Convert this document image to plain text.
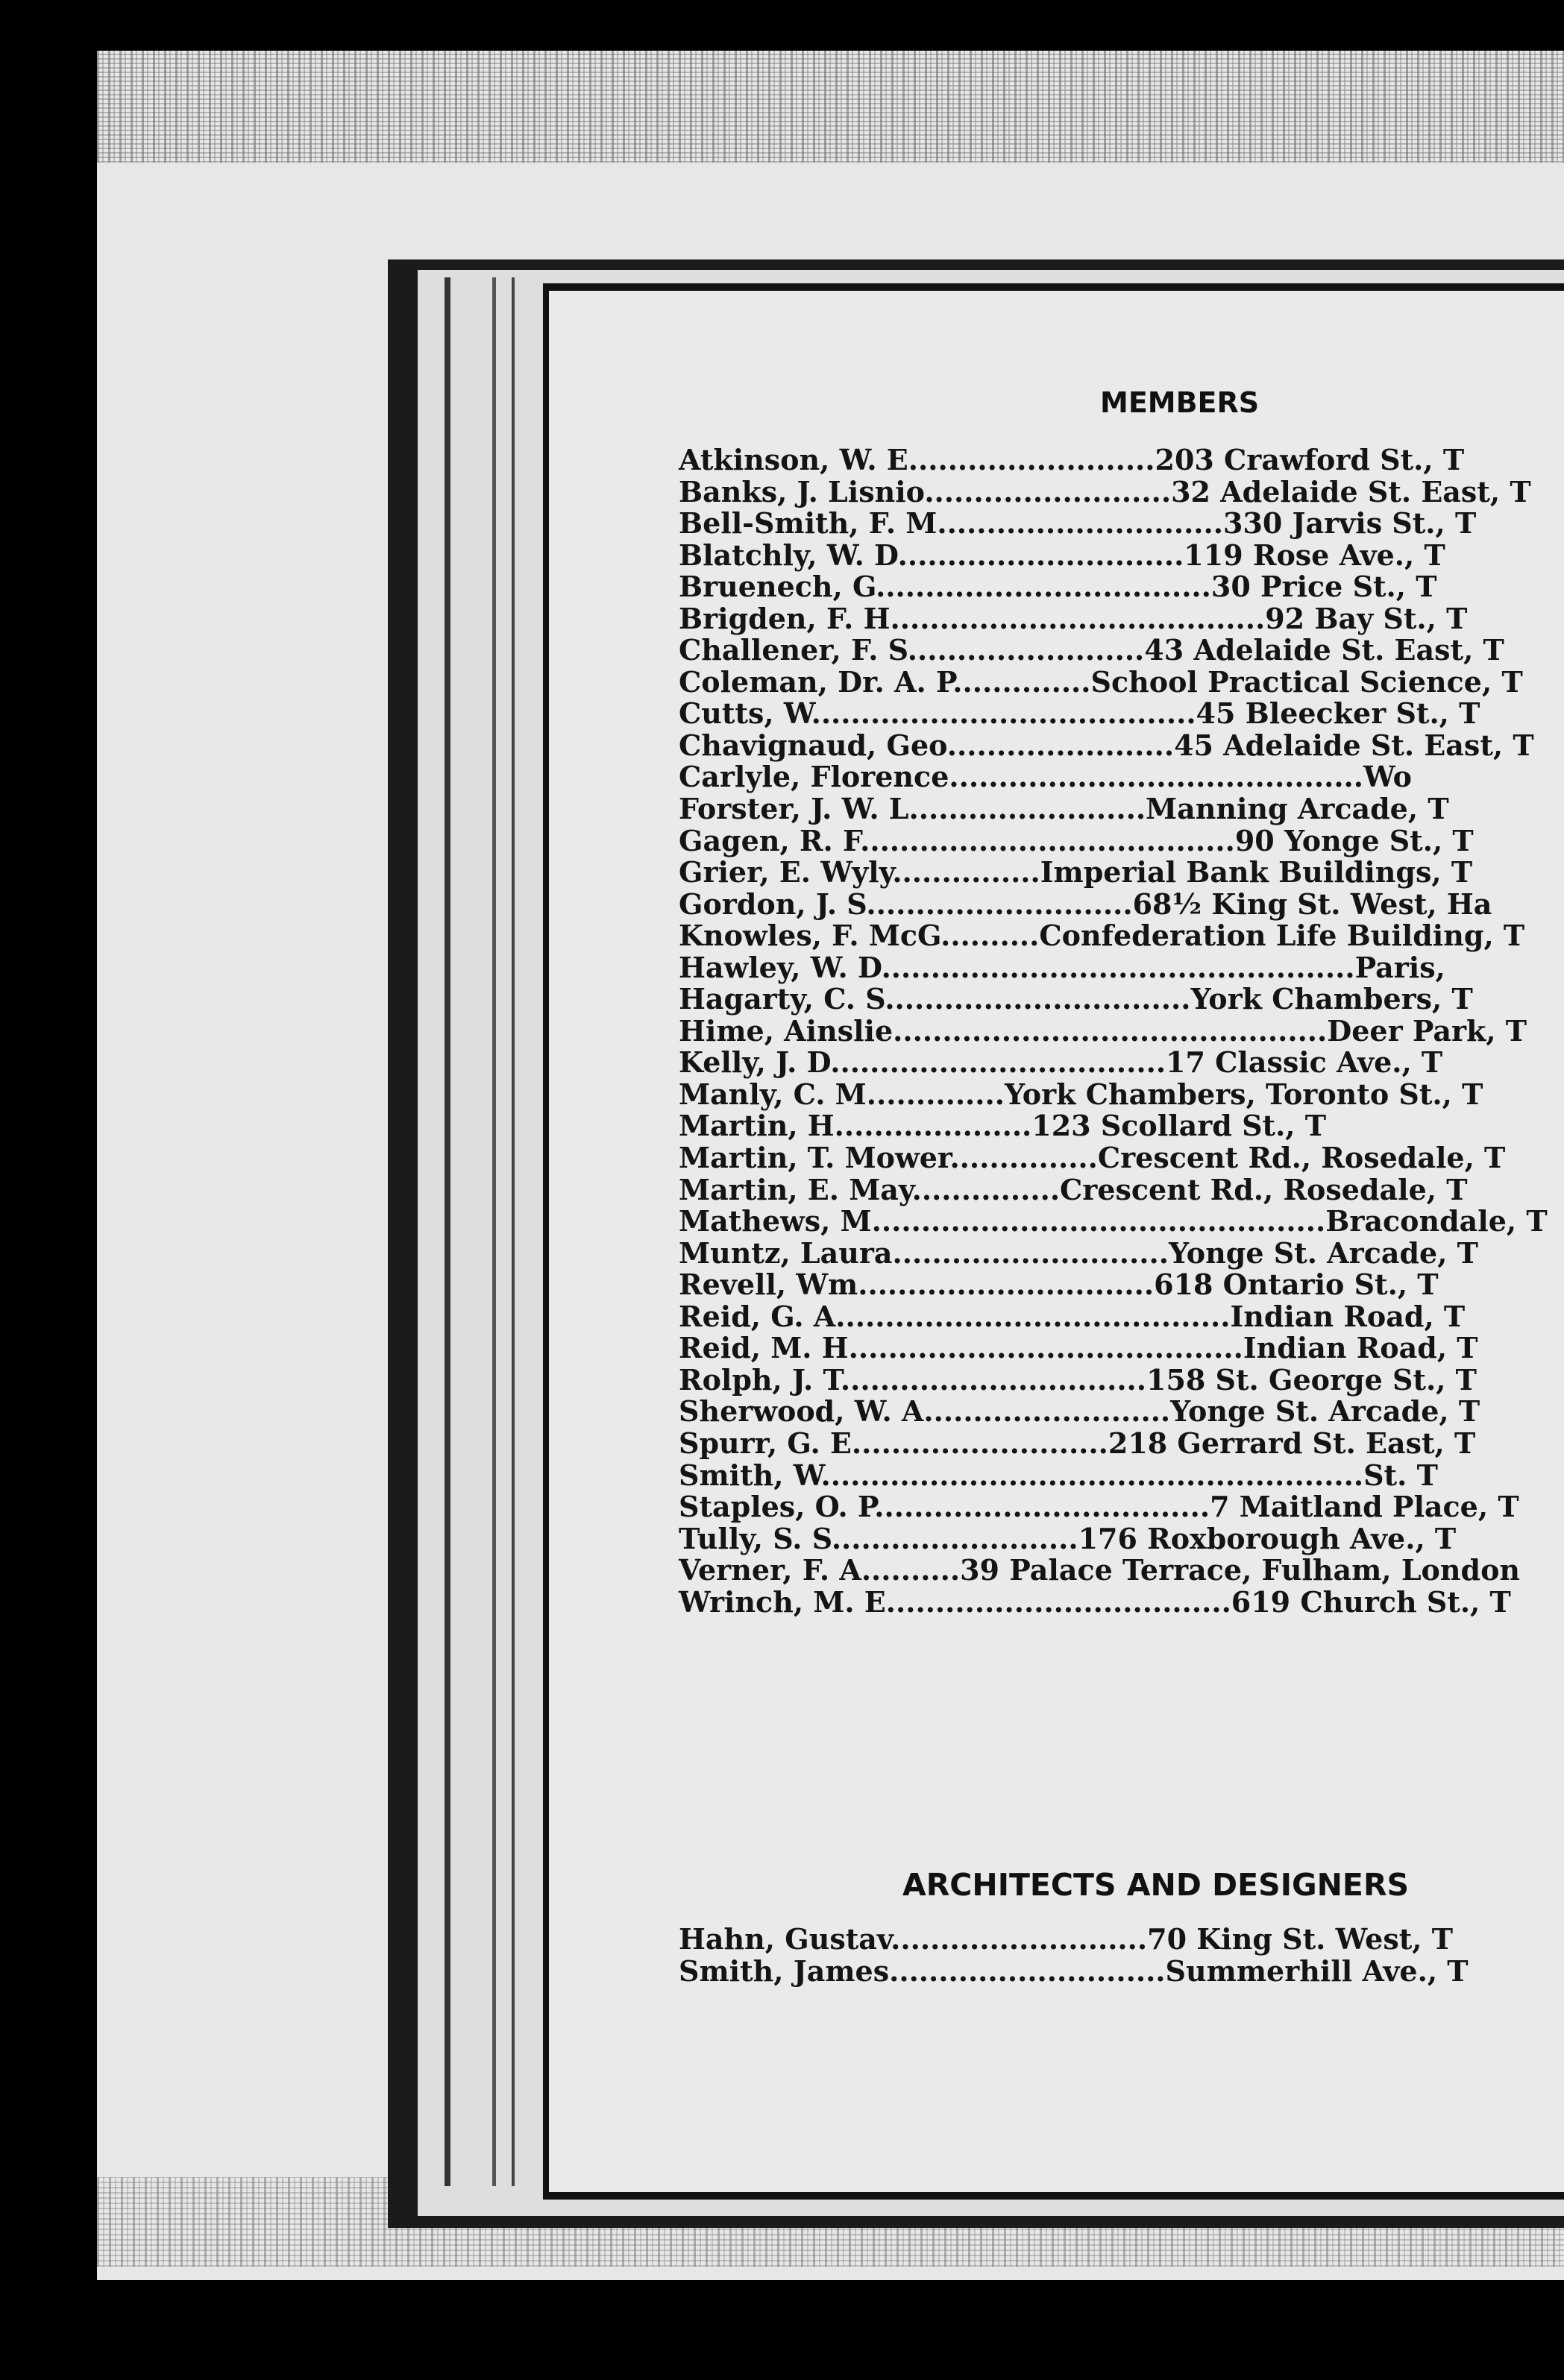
MEMBERS
Atkinson, W. E.........................203 Crawford St., T
Banks, J. Lisnio.........................32 Adelaide St. East, T
Bell-Smith, F. M.............................330 Jarvis St., T
Blatchly, W. D.............................119 Rose Ave., T
Bruenech, G..................................30 Price St., T
Brigden, F. H......................................92 Bay St., T
Challener, F. S........................43 Adelaide St. East, T
Coleman, Dr. A. P..............School Practical Science, T
Cutts, W.......................................45 Bleecker St., T
Chavignaud, Geo.......................45 Adelaide St. East, T
Carlyle, Florence..........................................Wo
Forster, J. W. L........................Manning Arcade, T
Gagen, R. F......................................90 Yonge St., T
Grier, E. Wyly...............Imperial Bank Buildings, T
Gordon, J. S...........................68½ King St. West, Ha
Knowles, F. McG..........Confederation Life Building, T
Hawley, W. D................................................Paris,
Hagarty, C. S...............................York Chambers, T
Hime, Ainslie............................................Deer Park, T
Kelly, J. D..................................17 Classic Ave., T
Manly, C. M..............York Chambers, Toronto St., T
Martin, H....................123 Scollard St., T
Martin, T. Mower...............Crescent Rd., Rosedale, T
Martin, E. May...............Crescent Rd., Rosedale, T
Mathews, M..............................................Bracondale, T
Muntz, Laura............................Yonge St. Arcade, T
Revell, Wm..............................618 Ontario St., T
Reid, G. A........................................Indian Road, T
Reid, M. H........................................Indian Road, T
Rolph, J. T...............................158 St. George St., T
Sherwood, W. A.........................Yonge St. Arcade, T
Spurr, G. E..........................218 Gerrard St. East, T
Smith, W.......................................................St. T
Staples, O. P..................................7 Maitland Place, T
Tully, S. S.........................176 Roxborough Ave., T
Verner, F. A..........39 Palace Terrace, Fulham, London
Wrinch, M. E...................................619 Church St., T
ARCHITECTS AND DESIGNERS
Hahn, Gustav..........................70 King St. West, T
Smith, James............................Summerhill Ave., T
